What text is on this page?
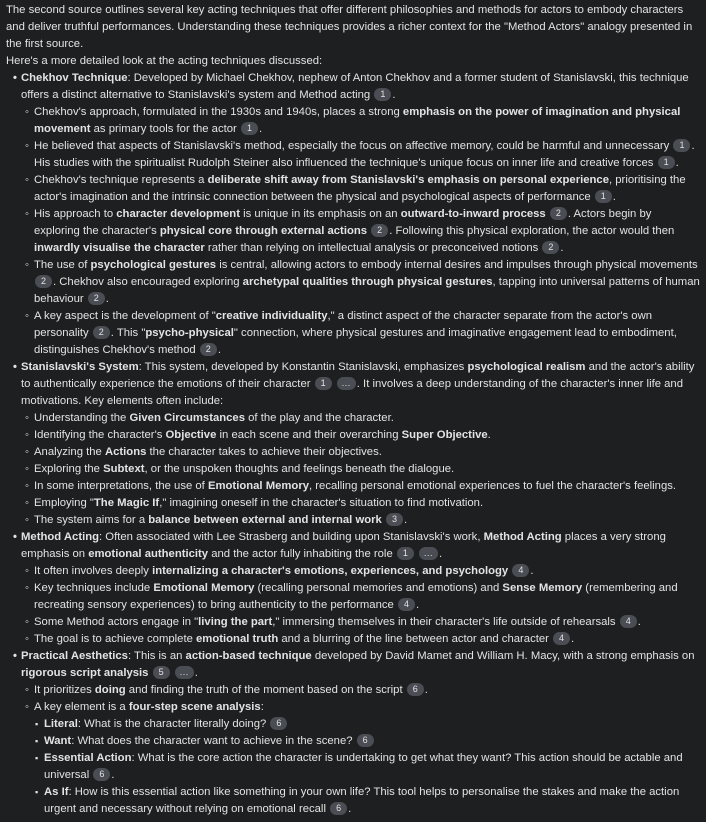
The second source outlines several key acting techniques that offer different philosophies and methods for actors to embody characters and deliver truthful performances. Understanding these techniques provides a richer context for the "Method Actors" analogy presented in the first source.

Here's a more detailed look at the acting techniques discussed:

• Chekhov Technique: Developed by Michael Chekhov, nephew of Anton Chekhov and a former student of Stanislavski, this technique offers a distinct alternative to Stanislavski's system and Method acting 1 .
◦ Chekhov's approach, formulated in the 1930s and 1940s, places a strong emphasis on the power of imagination and physical movement as primary tools for the actor 1 .
◦ He believed that aspects of Stanislavski's method, especially the focus on affective memory, could be harmful and unnecessary 1 . His studies with the spiritualist Rudolph Steiner also influenced the technique's unique focus on inner life and creative forces 1 .
◦ Chekhov's technique represents a deliberate shift away from Stanislavski's emphasis on personal experience, prioritising the actor's imagination and the intrinsic connection between the physical and psychological aspects of performance 1 .
◦ His approach to character development is unique in its emphasis on an outward-to-inward process 2 . Actors begin by exploring the character's physical core through external actions 2 . Following this physical exploration, the actor would then inwardly visualise the character rather than relying on intellectual analysis or preconceived notions 2 .
◦ The use of psychological gestures is central, allowing actors to embody internal desires and impulses through physical movements 2 . Chekhov also encouraged exploring archetypal qualities through physical gestures, tapping into universal patterns of human behaviour 2 .
◦ A key aspect is the development of "creative individuality," a distinct aspect of the character separate from the actor's own personality 2 . This "psycho-physical" connection, where physical gestures and imaginative engagement lead to embodiment, distinguishes Chekhov's method 2 .
• Stanislavski's System: This system, developed by Konstantin Stanislavski, emphasizes psychological realism and the actor's ability to authentically experience the emotions of their character 1 ... . It involves a deep understanding of the character's inner life and motivations. Key elements often include:
◦ Understanding the Given Circumstances of the play and the character.
◦ Identifying the character's Objective in each scene and their overarching Super Objective.
◦ Analyzing the Actions the character takes to achieve their objectives.
◦ Exploring the Subtext, or the unspoken thoughts and feelings beneath the dialogue.
◦ In some interpretations, the use of Emotional Memory, recalling personal emotional experiences to fuel the character's feelings.
◦ Employing "The Magic If," imagining oneself in the character's situation to find motivation.
◦ The system aims for a balance between external and internal work 3 .
• Method Acting: Often associated with Lee Strasberg and building upon Stanislavski's work, Method Acting places a very strong emphasis on emotional authenticity and the actor fully inhabiting the role 1 ... .
◦ It often involves deeply internalizing a character's emotions, experiences, and psychology 4 .
◦ Key techniques include Emotional Memory (recalling personal memories and emotions) and Sense Memory (remembering and recreating sensory experiences) to bring authenticity to the performance 4 .
◦ Some Method actors engage in "living the part," immersing themselves in their character's life outside of rehearsals 4 .
◦ The goal is to achieve complete emotional truth and a blurring of the line between actor and character 4 .
• Practical Aesthetics: This is an action-based technique developed by David Mamet and William H. Macy, with a strong emphasis on rigorous script analysis 5 ... .
◦ It prioritizes doing and finding the truth of the moment based on the script 6 .
◦ A key element is a four-step scene analysis:
▪ Literal: What is the character literally doing? 6
▪ Want: What does the character want to achieve in the scene? 6
▪ Essential Action: What is the core action the character is undertaking to get what they want? This action should be actable and universal 6 .
▪ As If: How is this essential action like something in your own life? This tool helps to personalise the stakes and make the action urgent and necessary without relying on emotional recall 6 .
